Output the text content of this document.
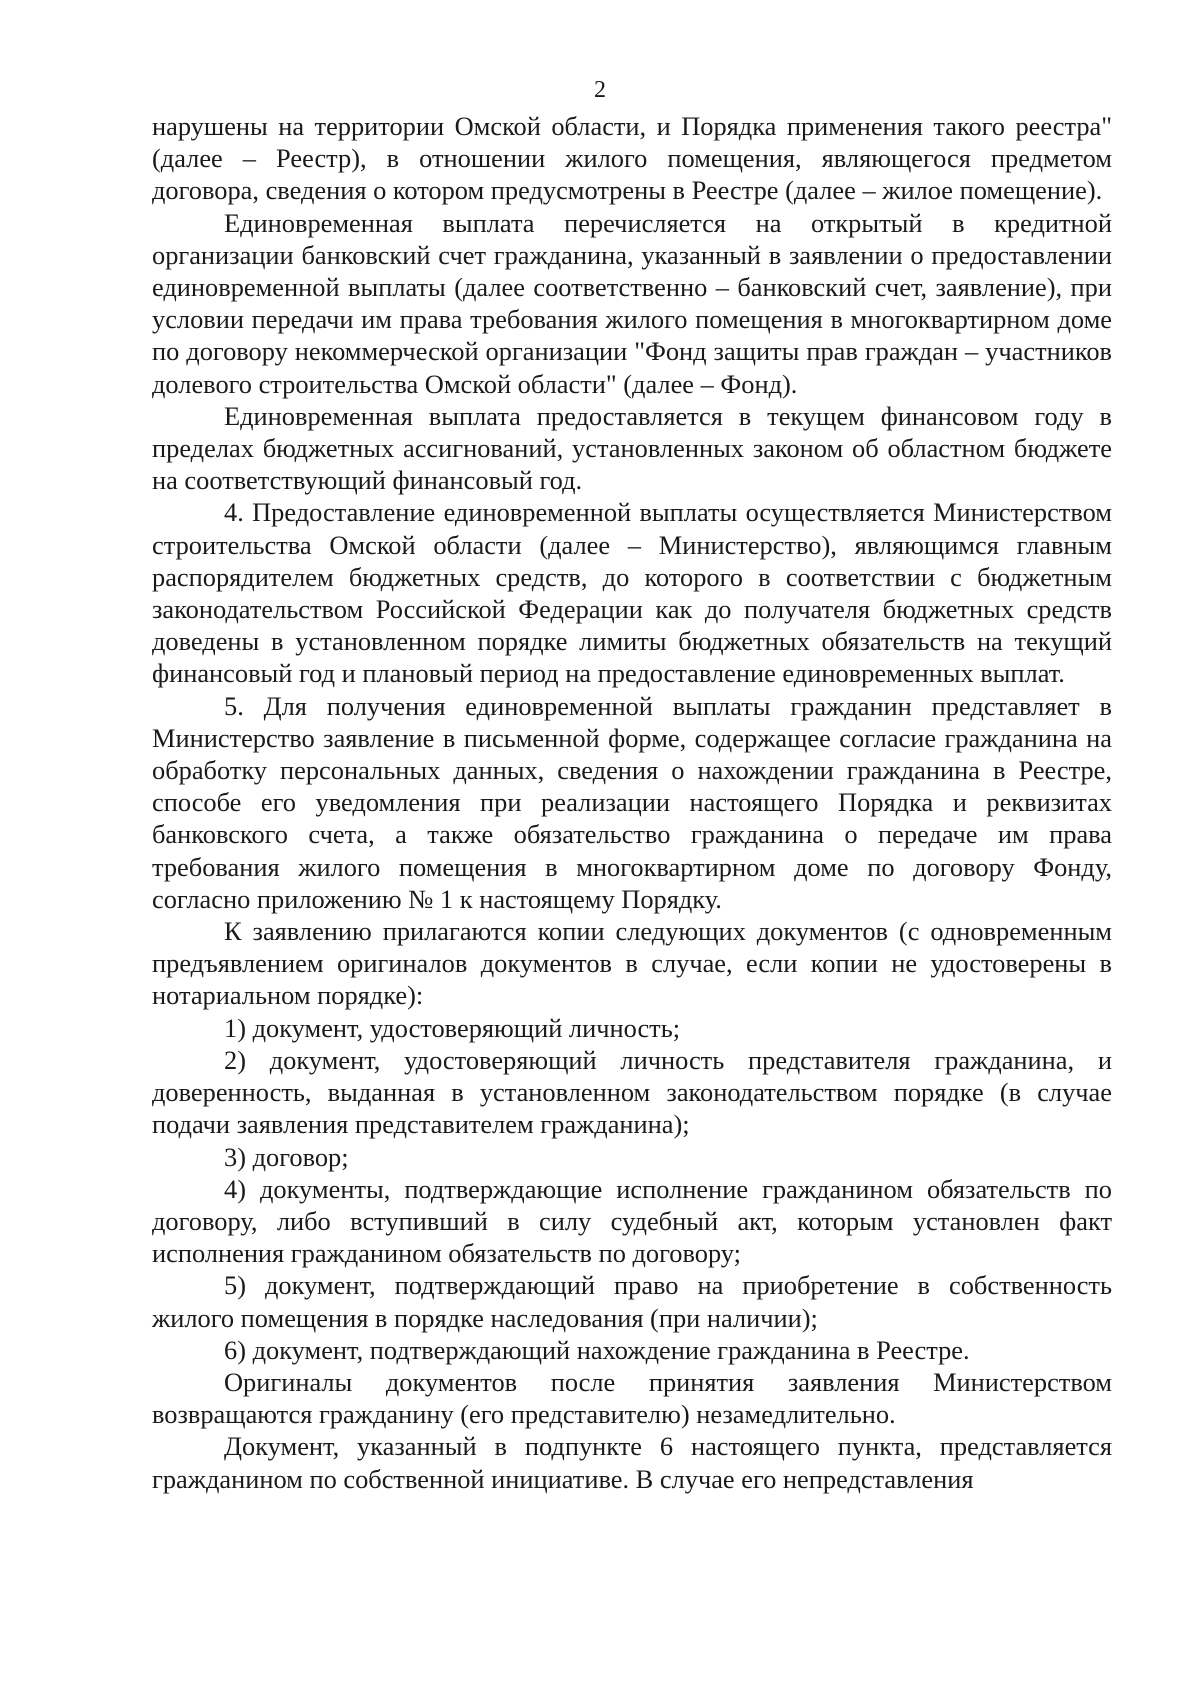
2

нарушены на территории Омской области, и Порядка применения такого реестра" (далее – Реестр), в отношении жилого помещения, являющегося предметом договора, сведения о котором предусмотрены в Реестре (далее – жилое помещение).

Единовременная выплата перечисляется на открытый в кредитной организации банковский счет гражданина, указанный в заявлении о предоставлении единовременной выплаты (далее соответственно – банковский счет, заявление), при условии передачи им права требования жилого помещения в многоквартирном доме по договору некоммерческой организации "Фонд защиты прав граждан – участников долевого строительства Омской области" (далее – Фонд).

Единовременная выплата предоставляется в текущем финансовом году в пределах бюджетных ассигнований, установленных законом об областном бюджете на соответствующий финансовый год.

4. Предоставление единовременной выплаты осуществляется Министерством строительства Омской области (далее – Министерство), являющимся главным распорядителем бюджетных средств, до которого в соответствии с бюджетным законодательством Российской Федерации как до получателя бюджетных средств доведены в установленном порядке лимиты бюджетных обязательств на текущий финансовый год и плановый период на предоставление единовременных выплат.

5. Для получения единовременной выплаты гражданин представляет в Министерство заявление в письменной форме, содержащее согласие гражданина на обработку персональных данных, сведения о нахождении гражданина в Реестре, способе его уведомления при реализации настоящего Порядка и реквизитах банковского счета, а также обязательство гражданина о передаче им права требования жилого помещения в многоквартирном доме по договору Фонду, согласно приложению № 1 к настоящему Порядку.

К заявлению прилагаются копии следующих документов (с одновременным предъявлением оригиналов документов в случае, если копии не удостоверены в нотариальном порядке):

1) документ, удостоверяющий личность;

2) документ, удостоверяющий личность представителя гражданина, и доверенность, выданная в установленном законодательством порядке (в случае подачи заявления представителем гражданина);

3) договор;

4) документы, подтверждающие исполнение гражданином обязательств по договору, либо вступивший в силу судебный акт, которым установлен факт исполнения гражданином обязательств по договору;

5) документ, подтверждающий право на приобретение в собственность жилого помещения в порядке наследования (при наличии);

6) документ, подтверждающий нахождение гражданина в Реестре.

Оригиналы документов после принятия заявления Министерством возвращаются гражданину (его представителю) незамедлительно.

Документ, указанный в подпункте 6 настоящего пункта, представляется гражданином по собственной инициативе. В случае его непредставления
